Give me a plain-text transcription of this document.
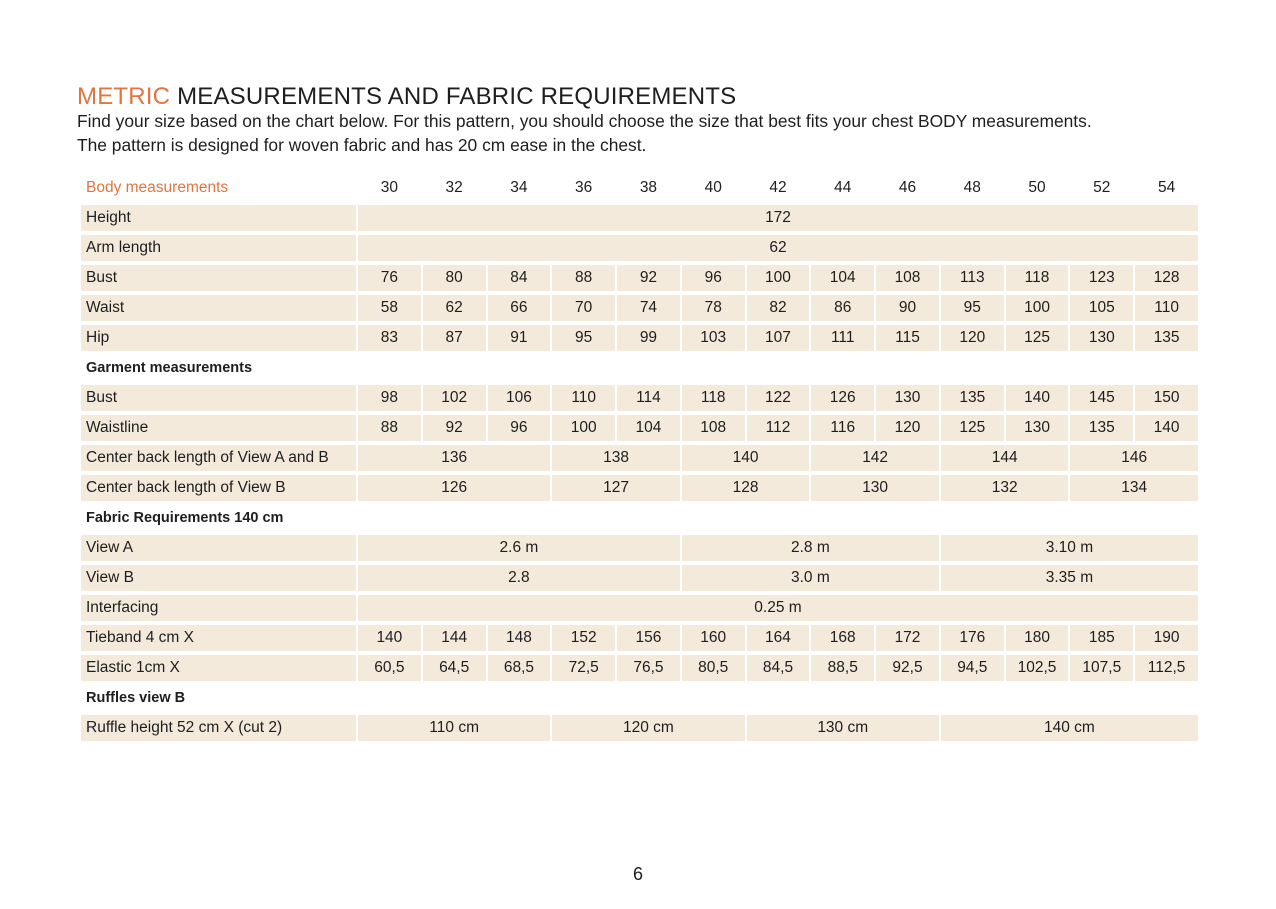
METRIC MEASUREMENTS AND FABRIC REQUIREMENTS

Find your size based on the chart below. For this pattern, you should choose the size that best fits your chest BODY measurements.

The pattern is designed for woven fabric and has 20 cm ease in the chest.

Body measurements	30	32	34	36	38	40	42	44	46	48	50	52	54
Height	172												
Arm length	62												
Bust	76	80	84	88	92	96	100	104	108	113	118	123	128
Waist	58	62	66	70	74	78	82	86	90	95	100	105	110
Hip	83	87	91	95	99	103	107	111	115	120	125	130	135
Garment measurements													
Bust	98	102	106	110	114	118	122	126	130	135	140	145	150
Waistline	88	92	96	100	104	108	112	116	120	125	130	135	140
Center back length of View A and B	136			138		140		142		144		146	
Center back length of View B	126			127		128		130		132		134	
Fabric Requirements 140 cm													
View A	2.6 m					2.8 m				3.10 m			
View B	2.8					3.0 m				3.35 m			
Interfacing	0.25 m												
Tieband 4 cm X	140	144	148	152	156	160	164	168	172	176	180	185	190
Elastic 1cm X	60,5	64,5	68,5	72,5	76,5	80,5	84,5	88,5	92,5	94,5	102,5	107,5	112,5
Ruffles view B													
Ruffle height 52 cm X (cut 2)	110 cm			120 cm			130 cm			140 cm			
6
